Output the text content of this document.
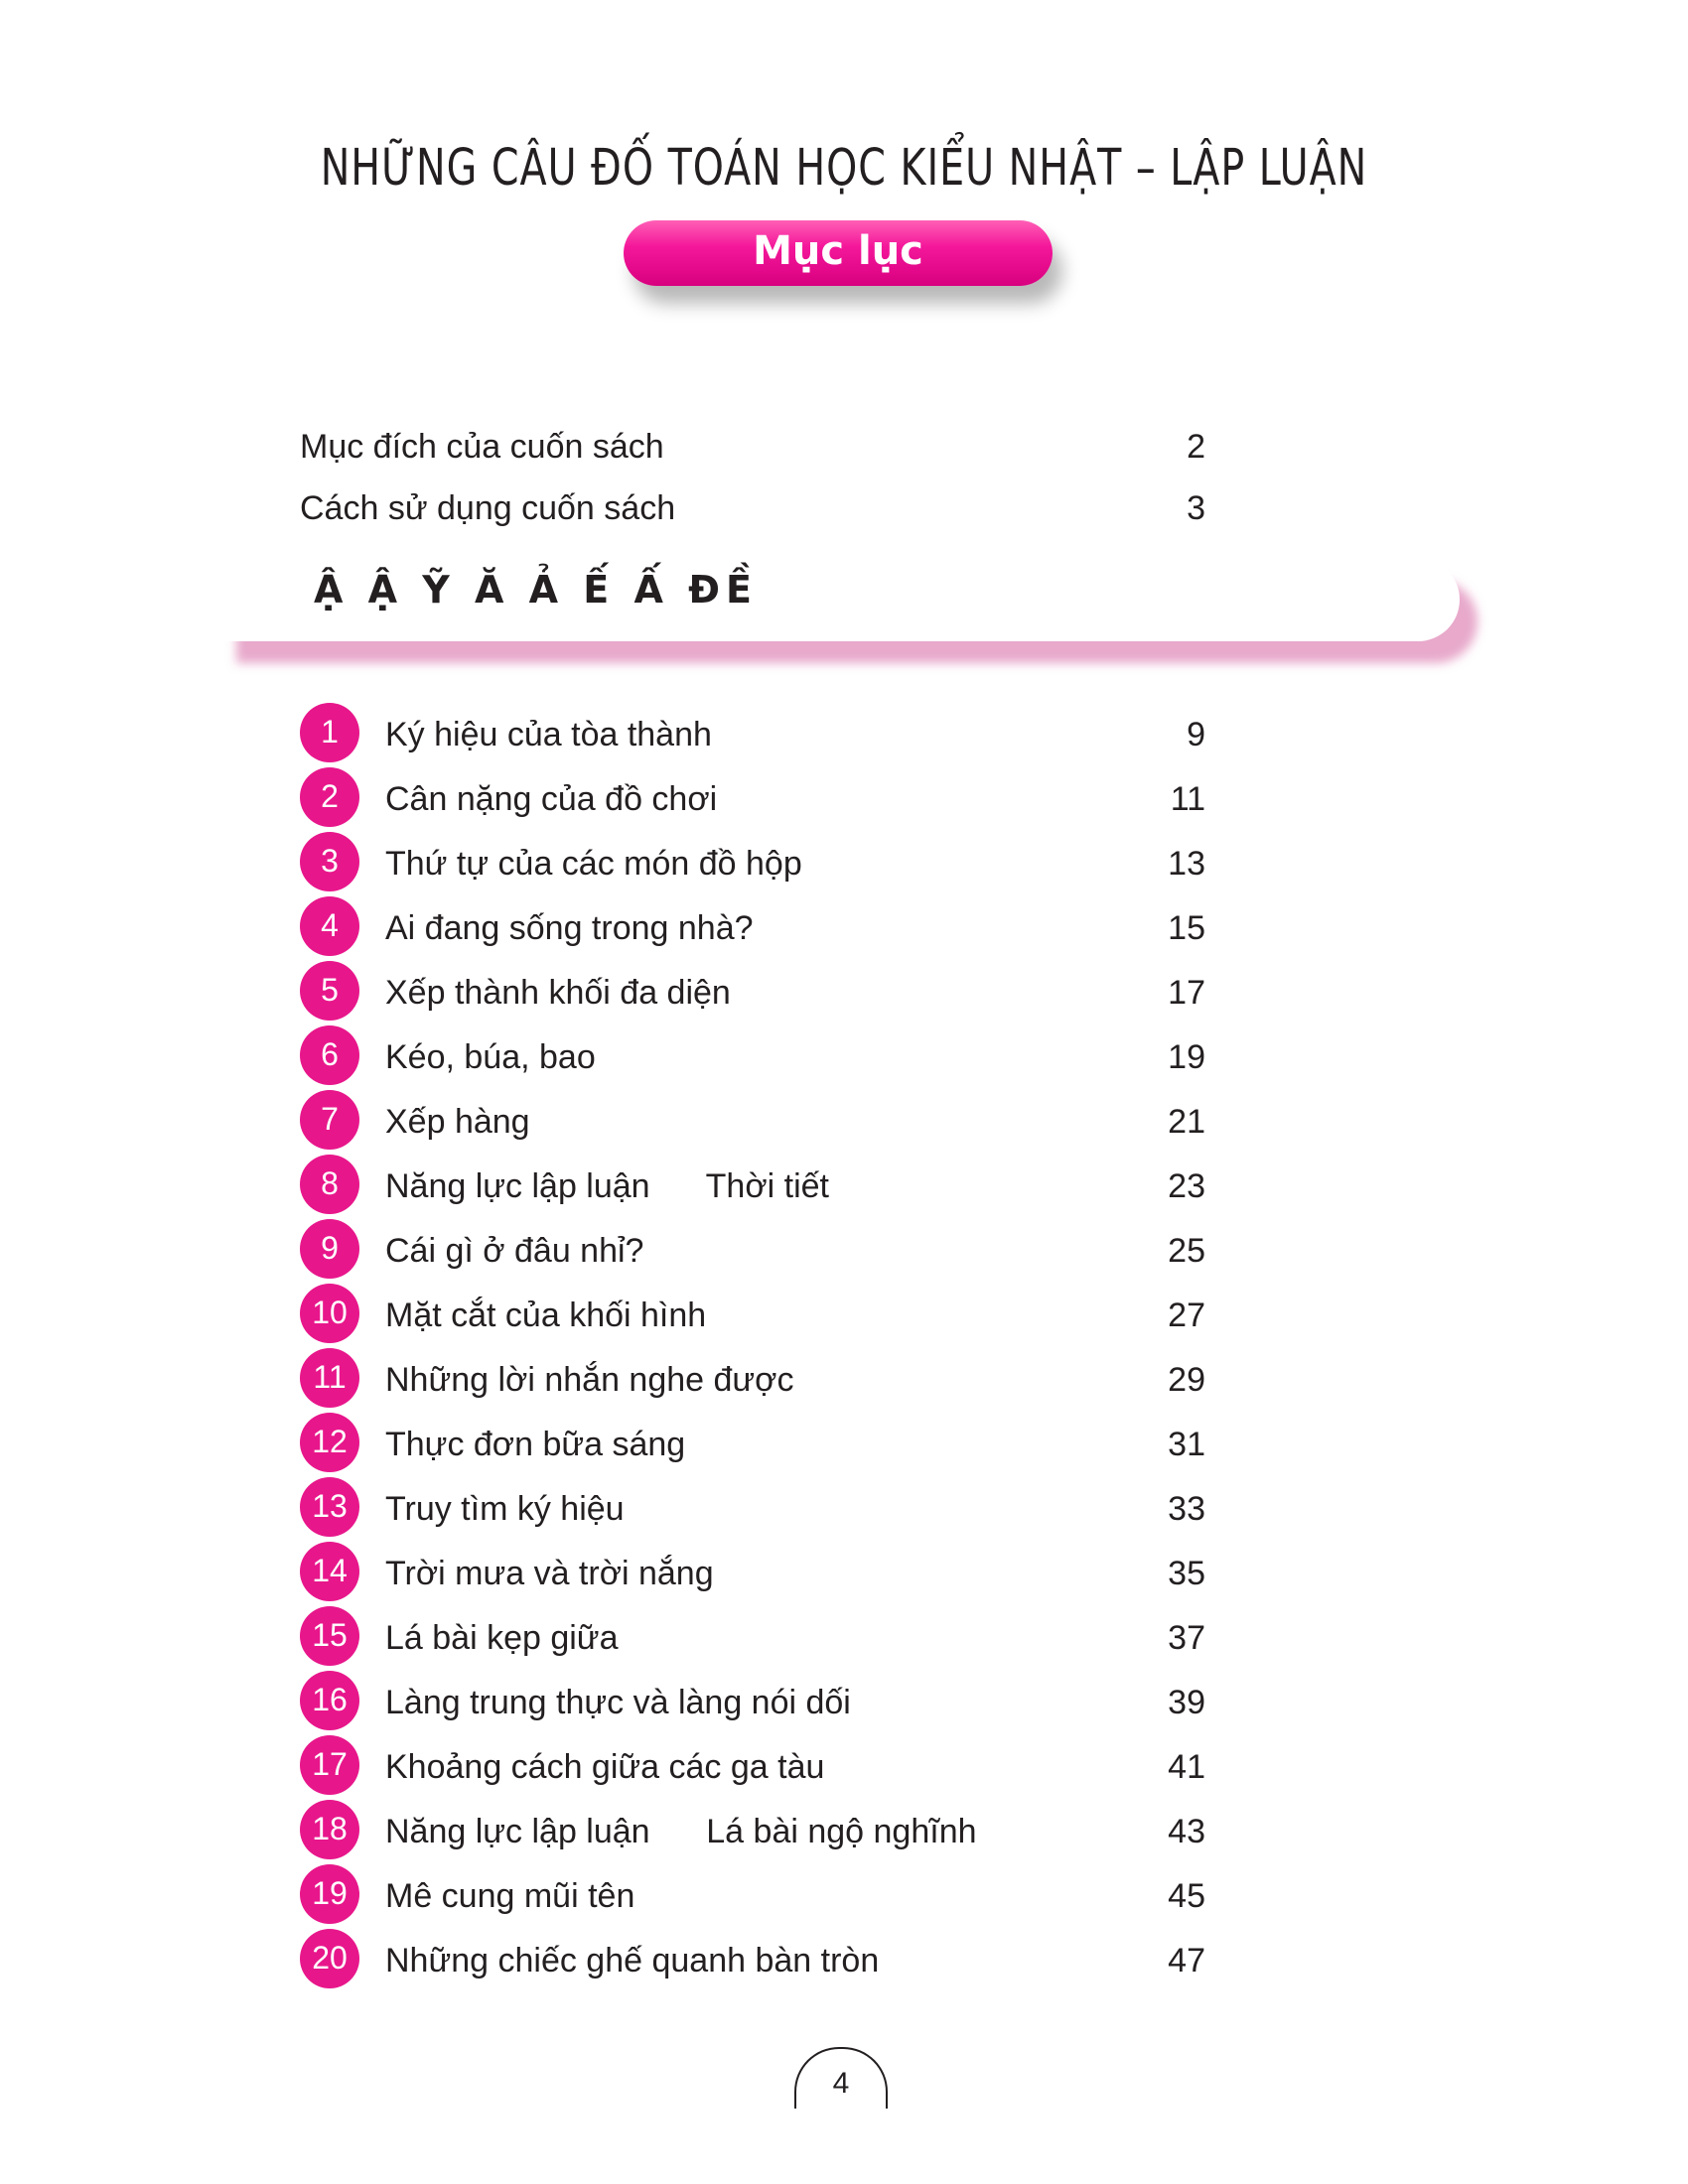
NHỮNG CÂU ĐỐ TOÁN HỌC KIỂU NHẬT – LẬP LUẬN
Mục lục
Mục đích của cuốn sách	2
Cách sử dụng cuốn sách	3
Ậ Ậ Ỹ Ă Ả Ế Ấ ĐỀ
1	Ký hiệu của tòa thành	9
2	Cân nặng của đồ chơi	11
3	Thứ tự của các món đồ hộp	13
4	Ai đang sống trong nhà?	15
5	Xếp thành khối đa diện	17
6	Kéo, búa, bao	19
7	Xếp hàng	21
8	Năng lực lập luận      Thời tiết	23
9	Cái gì ở đâu nhỉ?	25
10	Mặt cắt của khối hình	27
11	Những lời nhắn nghe được	29
12	Thực đơn bữa sáng	31
13	Truy tìm ký hiệu	33
14	Trời mưa và trời nắng	35
15	Lá bài kẹp giữa	37
16	Làng trung thực và làng nói dối	39
17	Khoảng cách giữa các ga tàu	41
18	Năng lực lập luận      Lá bài ngộ nghĩnh	43
19	Mê cung mũi tên	45
20	Những chiếc ghế quanh bàn tròn	47
4
